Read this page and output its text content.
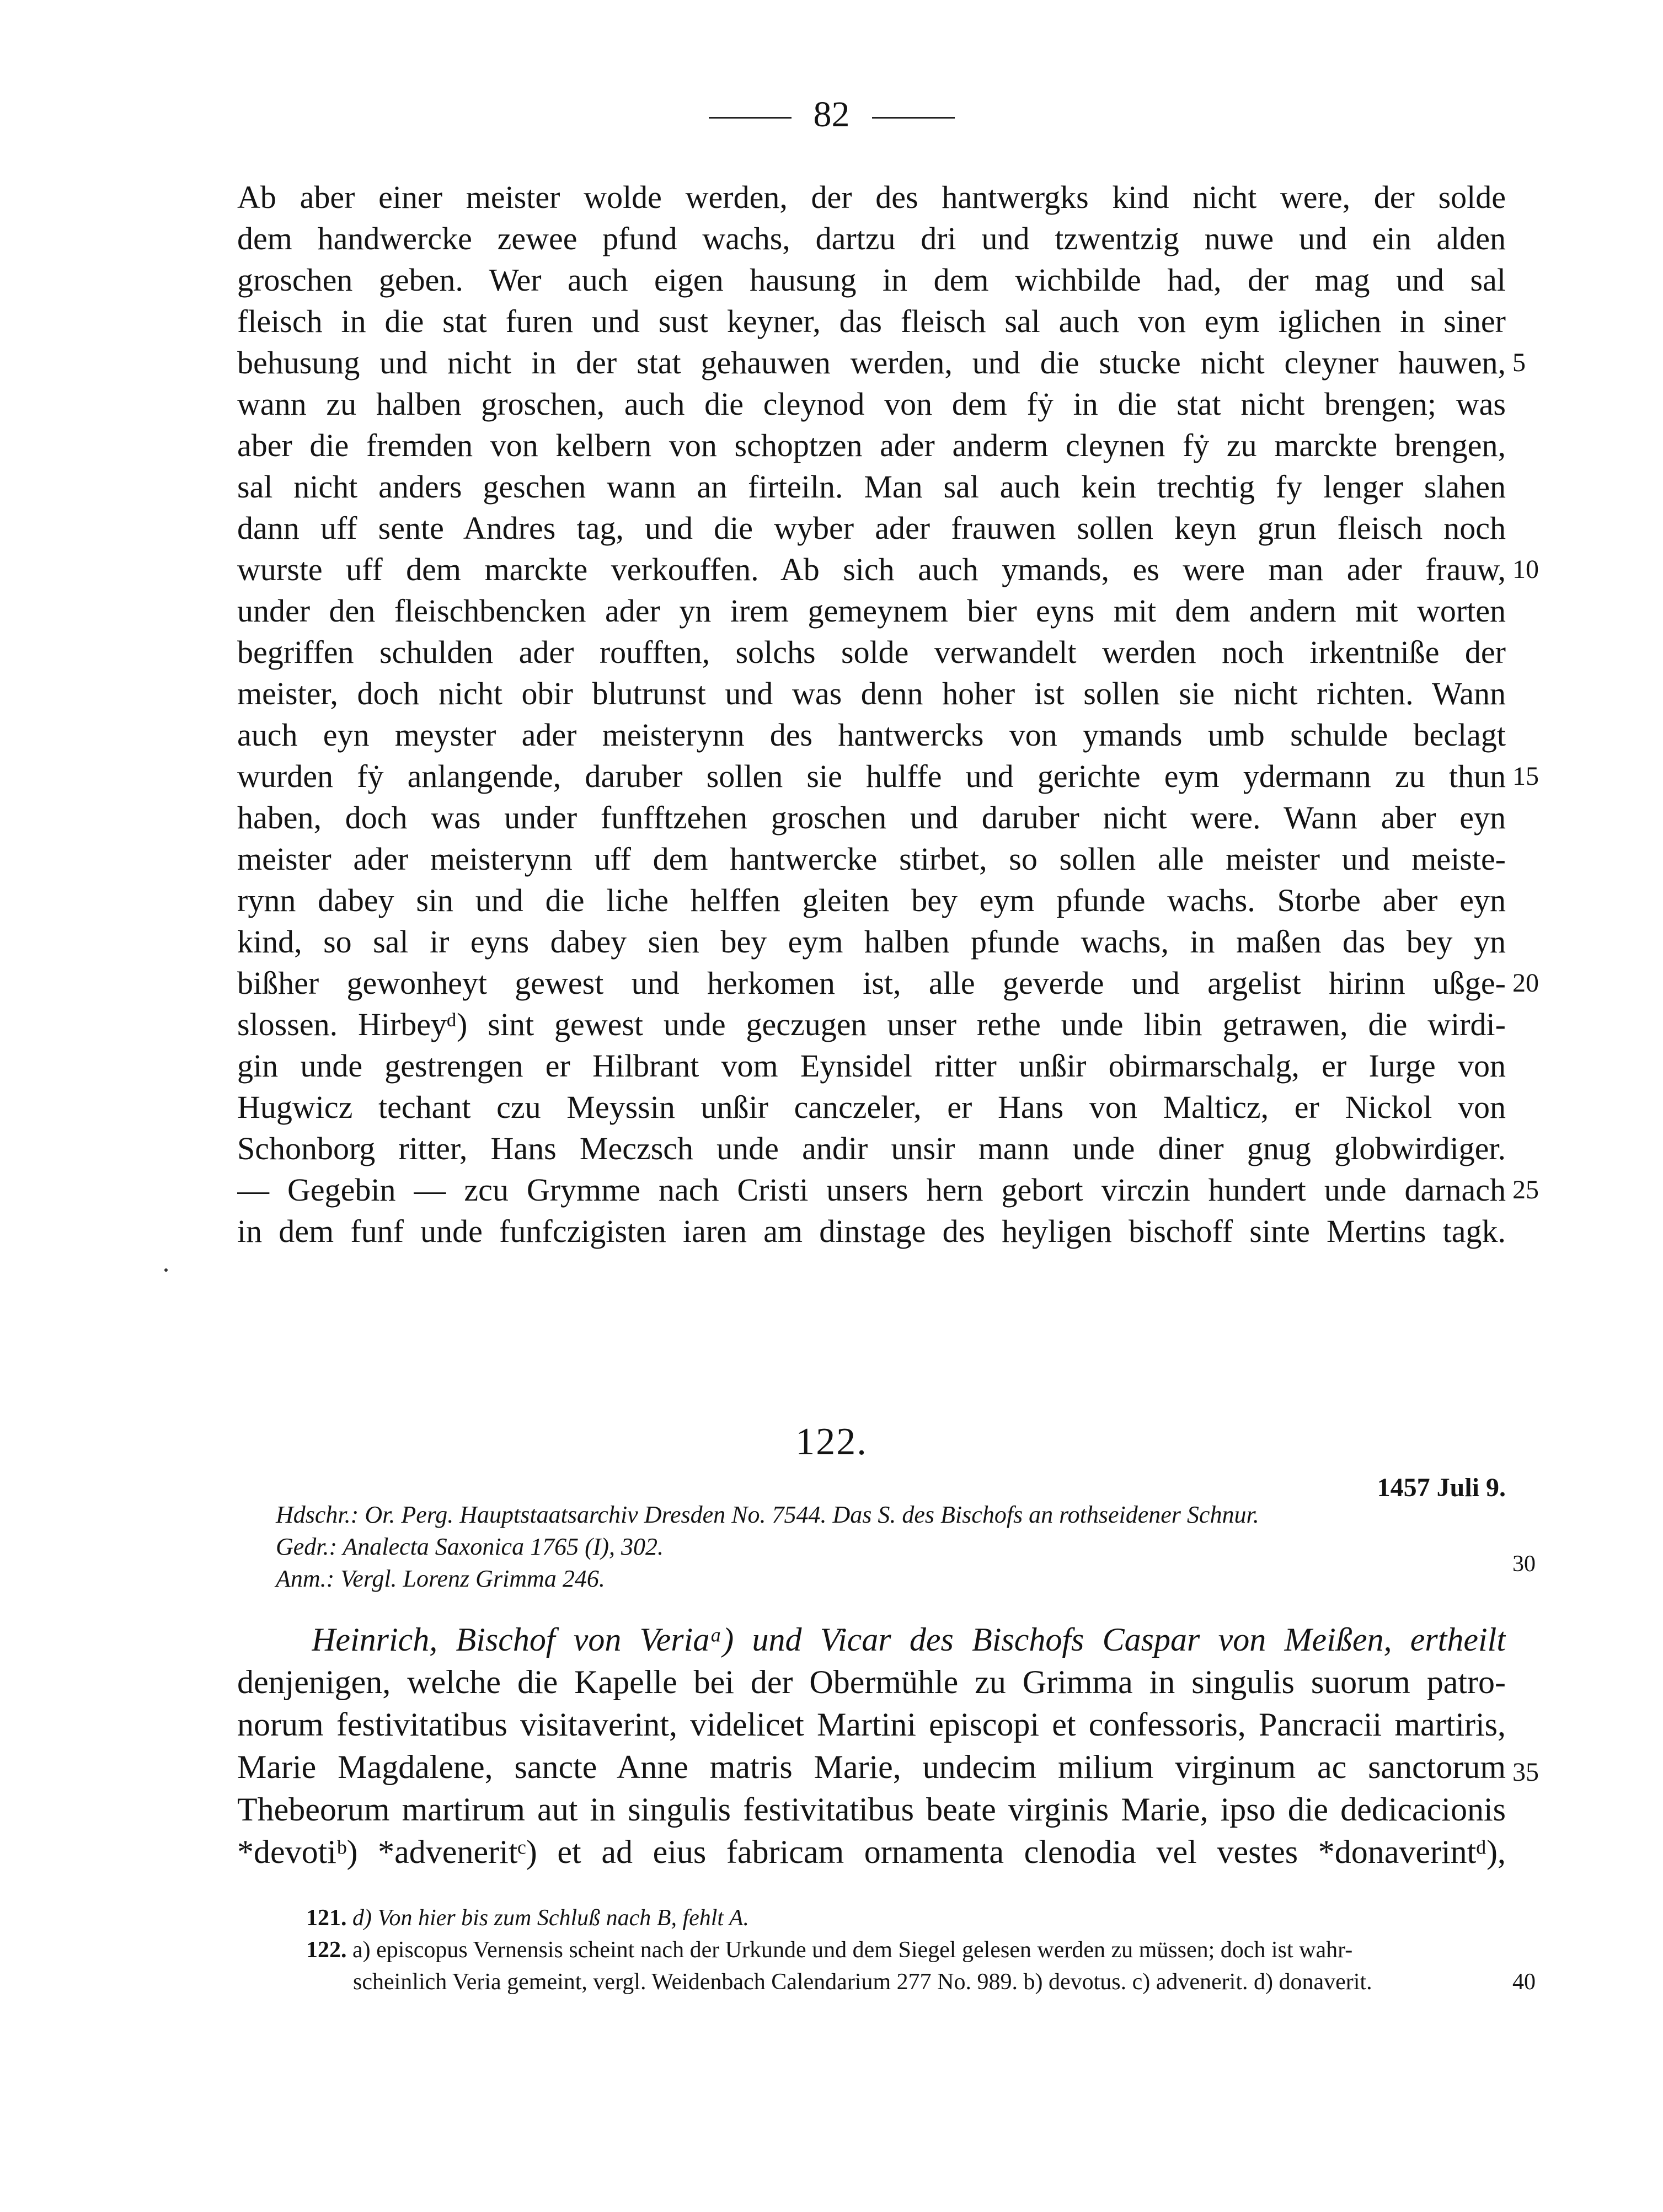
82
Ab aber einer meister wolde werden, der des hantwergks kind nicht were, der solde
dem handwercke zewee pfund wachs, dartzu dri und tzwentzig nuwe und ein alden
groschen geben. Wer auch eigen hausung in dem wichbilde had, der mag und sal
fleisch in die stat furen und sust keyner, das fleisch sal auch von eym iglichen in siner
behusung und nicht in der stat gehauwen werden, und die stucke nicht cleyner hauwen,
wann zu halben groschen, auch die cleynod von dem fẏ in die stat nicht brengen; was
aber die fremden von kelbern von schoptzen ader anderm cleynen fẏ zu marckte brengen,
sal nicht anders geschen wann an firteiln. Man sal auch kein trechtig fy lenger slahen
dann uff sente Andres tag, und die wyber ader frauwen sollen keyn grun fleisch noch
wurste uff dem marckte verkouffen. Ab sich auch ymands, es were man ader frauw,
under den fleischbencken ader yn irem gemeynem bier eyns mit dem andern mit worten
begriffen schulden ader roufften, solchs solde verwandelt werden noch irkentniße der
meister, doch nicht obir blutrunst und was denn hoher ist sollen sie nicht richten. Wann
auch eyn meyster ader meisterynn des hantwercks von ymands umb schulde beclagt
wurden fẏ anlangende, daruber sollen sie hulffe und gerichte eym ydermann zu thun
haben, doch was under funfftzehen groschen und daruber nicht were. Wann aber eyn
meister ader meisterynn uff dem hantwercke stirbet, so sollen alle meister und meiste-
rynn dabey sin und die liche helffen gleiten bey eym pfunde wachs. Storbe aber eyn
kind, so sal ir eyns dabey sien bey eym halben pfunde wachs, in maßen das bey yn
bißher gewonheyt gewest und herkomen ist, alle geverde und argelist hirinn ußge-
slossen. Hirbeyᵈ) sint gewest unde geczugen unser rethe unde libin getrawen, die wirdi-
gin unde gestrengen er Hilbrant vom Eynsidel ritter unßir obirmarschalg, er Iurge von
Hugwicz techant czu Meyssin unßir canczeler, er Hans von Malticz, er Nickol von
Schonborg ritter, Hans Meczsch unde andir unsir mann unde diner gnug globwirdiger.
— Gegebin — zcu Grymme nach Cristi unsers hern gebort virczin hundert unde darnach
in dem funf unde funfczigisten iaren am dinstage des heyligen bischoff sinte Mertins tagk.
5
10
15
20
25
122.
1457 Juli 9.
Hdschr.: Or. Perg. Hauptstaatsarchiv Dresden No. 7544. Das S. des Bischofs an rothseidener Schnur.
Gedr.: Analecta Saxonica 1765 (I), 302.
Anm.: Vergl. Lorenz Grimma 246.
30
Heinrich, Bischof von Veriaᵃ) und Vicar des Bischofs Caspar von Meißen, ertheilt
denjenigen, welche die Kapelle bei der Obermühle zu Grimma in singulis suorum patro-
norum festivitatibus visitaverint, videlicet Martini episcopi et confessoris, Pancracii martiris,
Marie Magdalene, sancte Anne matris Marie, undecim milium virginum ac sanctorum
Thebeorum martirum aut in singulis festivitatibus beate virginis Marie, ipso die dedicacionis
*devotiᵇ) *adveneritᶜ) et ad eius fabricam ornamenta clenodia vel vestes *donaverintᵈ),
35
121. d) Von hier bis zum Schluß nach B, fehlt A.
122. a) episcopus Vernensis scheint nach der Urkunde und dem Siegel gelesen werden zu müssen; doch ist wahr-
scheinlich Veria gemeint, vergl. Weidenbach Calendarium 277 No. 989. b) devotus. c) advenerit. d) donaverit.	40
